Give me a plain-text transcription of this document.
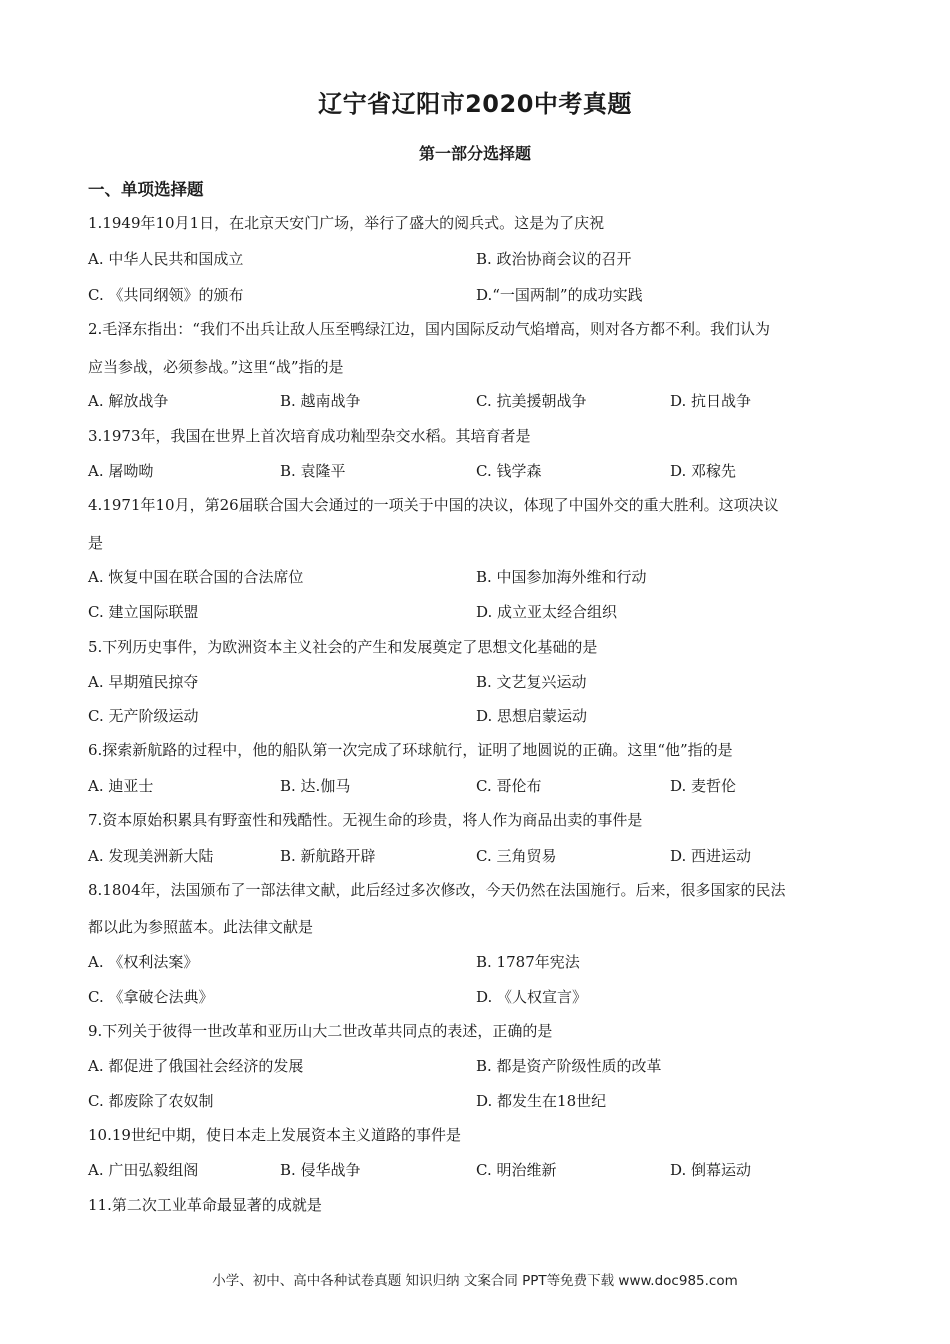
辽宁省辽阳市2020中考真题
第一部分选择题
一、单项选择题
1.1949年10月1日，在北京天安门广场，举行了盛大的阅兵式。这是为了庆祝
A. 中华人民共和国成立	B. 政治协商会议的召开
C. 《共同纲领》的颁布	D.“一国两制”的成功实践
2.毛泽东指出：“我们不出兵让敌人压至鸭绿江边，国内国际反动气焰增高，则对各方都不利。我们认为
应当参战，必须参战。”这里“战”指的是
A. 解放战争	B. 越南战争	C. 抗美援朝战争	D. 抗日战争
3.1973年，我国在世界上首次培育成功籼型杂交水稻。其培育者是
A. 屠呦呦	B. 袁隆平	C. 钱学森	D. 邓稼先
4.1971年10月，第26届联合国大会通过的一项关于中国的决议，体现了中国外交的重大胜利。这项决议
是
A. 恢复中国在联合国的合法席位	B. 中国参加海外维和行动
C. 建立国际联盟	D. 成立亚太经合组织
5.下列历史事件，为欧洲资本主义社会的产生和发展奠定了思想文化基础的是
A. 早期殖民掠夺	B. 文艺复兴运动
C. 无产阶级运动	D. 思想启蒙运动
6.探索新航路的过程中，他的船队第一次完成了环球航行，证明了地圆说的正确。这里“他”指的是
A. 迪亚士	B. 达.伽马	C. 哥伦布	D. 麦哲伦
7.资本原始积累具有野蛮性和残酷性。无视生命的珍贵，将人作为商品出卖的事件是
A. 发现美洲新大陆	B. 新航路开辟	C. 三角贸易	D. 西进运动
8.1804年，法国颁布了一部法律文献，此后经过多次修改，今天仍然在法国施行。后来，很多国家的民法
都以此为参照蓝本。此法律文献是
A. 《权利法案》	B. 1787年宪法
C. 《拿破仑法典》	D. 《人权宣言》
9.下列关于彼得一世改革和亚历山大二世改革共同点的表述，正确的是
A. 都促进了俄国社会经济的发展	B. 都是资产阶级性质的改革
C. 都废除了农奴制	D. 都发生在18世纪
10.19世纪中期，使日本走上发展资本主义道路的事件是
A. 广田弘毅组阁	B. 侵华战争	C. 明治维新	D. 倒幕运动
11.第二次工业革命最显著的成就是
小学、初中、高中各种试卷真题 知识归纳 文案合同 PPT等免费下载 www.doc985.com
